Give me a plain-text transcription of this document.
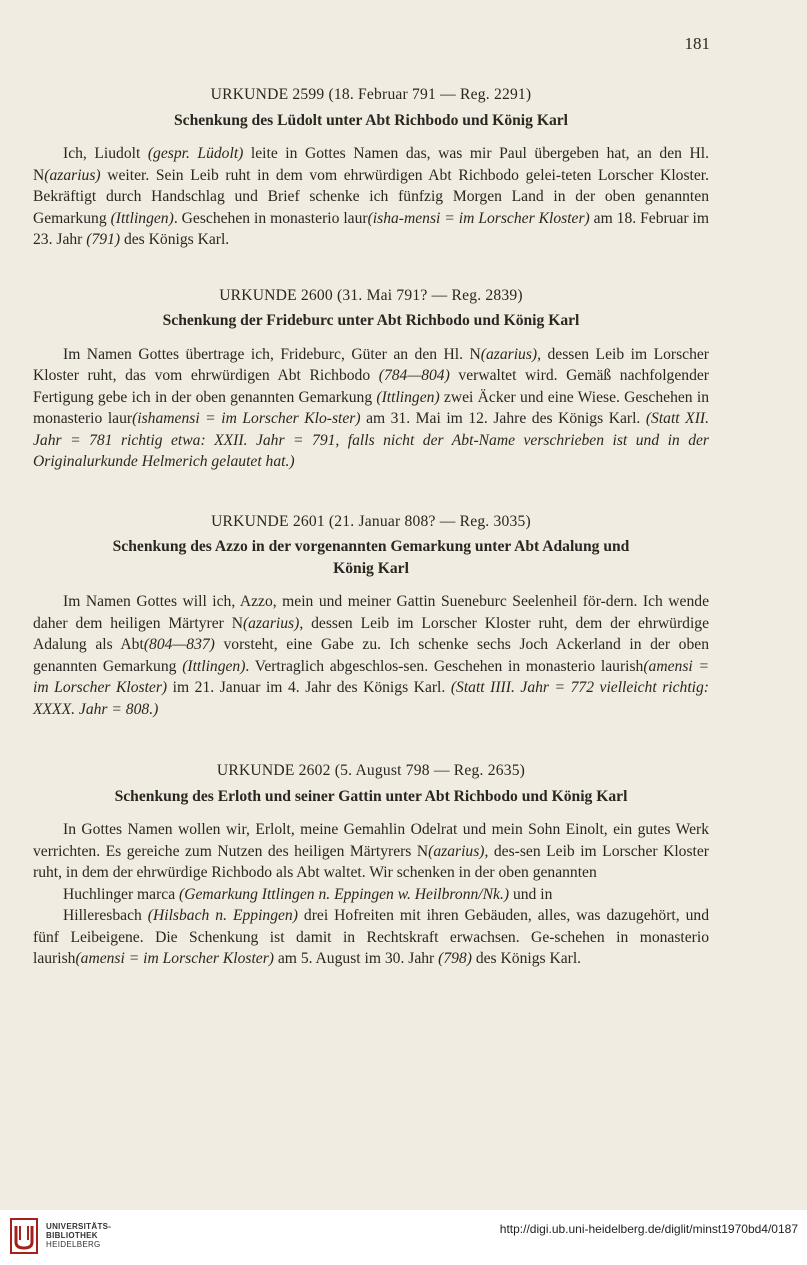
181
URKUNDE 2599 (18. Februar 791 — Reg. 2291)
Schenkung des Lüdolt unter Abt Richbodo und König Karl

Ich, Liudolt (gespr. Lüdolt) leite in Gottes Namen das, was mir Paul übergeben hat, an den Hl. N(azarius) weiter. Sein Leib ruht in dem vom ehrwürdigen Abt Richbodo gelei-teten Lorscher Kloster. Bekräftigt durch Handschlag und Brief schenke ich fünfzig Morgen Land in der oben genannten Gemarkung (Ittlingen). Geschehen in monasterio laur(isha-mensi = im Lorscher Kloster) am 18. Februar im 23. Jahr (791) des Königs Karl.

URKUNDE 2600 (31. Mai 791? — Reg. 2839)
Schenkung der Frideburc unter Abt Richbodo und König Karl

Im Namen Gottes übertrage ich, Frideburc, Güter an den Hl. N(azarius), dessen Leib im Lorscher Kloster ruht, das vom ehrwürdigen Abt Richbodo (784—804) verwaltet wird. Gemäß nachfolgender Fertigung gebe ich in der oben genannten Gemarkung (Ittlingen) zwei Äcker und eine Wiese. Geschehen in monasterio laur(ishamensi = im Lorscher Klo-ster) am 31. Mai im 12. Jahre des Königs Karl. (Statt XII. Jahr = 781 richtig etwa: XXII. Jahr = 791, falls nicht der Abt-Name verschrieben ist und in der Originalurkunde Helmerich gelautet hat.)

URKUNDE 2601 (21. Januar 808? — Reg. 3035)
Schenkung des Azzo in der vorgenannten Gemarkung unter Abt Adalung und König Karl

Im Namen Gottes will ich, Azzo, mein und meiner Gattin Sueneburc Seelenheil för-dern. Ich wende daher dem heiligen Märtyrer N(azarius), dessen Leib im Lorscher Kloster ruht, dem der ehrwürdige Adalung als Abt(804—837) vorsteht, eine Gabe zu. Ich schenke sechs Joch Ackerland in der oben genannten Gemarkung (Ittlingen). Vertraglich abgeschlos-sen. Geschehen in monasterio laurish(amensi = im Lorscher Kloster) im 21. Januar im 4. Jahr des Königs Karl. (Statt IIII. Jahr = 772 vielleicht richtig: XXXX. Jahr = 808.)

URKUNDE 2602 (5. August 798 — Reg. 2635)
Schenkung des Erloth und seiner Gattin unter Abt Richbodo und König Karl

In Gottes Namen wollen wir, Erlolt, meine Gemahlin Odelrat und mein Sohn Einolt, ein gutes Werk verrichten. Es gereiche zum Nutzen des heiligen Märtyrers N(azarius), des-sen Leib im Lorscher Kloster ruht, in dem der ehrwürdige Richbodo als Abt waltet. Wir schenken in der oben genannten

Huchlinger marca (Gemarkung Ittlingen n. Eppingen w. Heilbronn/Nk.) und in

Hilleresbach (Hilsbach n. Eppingen) drei Hofreiten mit ihren Gebäuden, alles, was dazugehört, und fünf Leibeigene. Die Schenkung ist damit in Rechtskraft erwachsen. Ge-schehen in monasterio laurish(amensi = im Lorscher Kloster) am 5. August im 30. Jahr (798) des Königs Karl.

UNIVERSITÄTS-
BIBLIOTHEK
HEIDELBERG
http://digi.ub.uni-heidelberg.de/diglit/minst1970bd4/0187
